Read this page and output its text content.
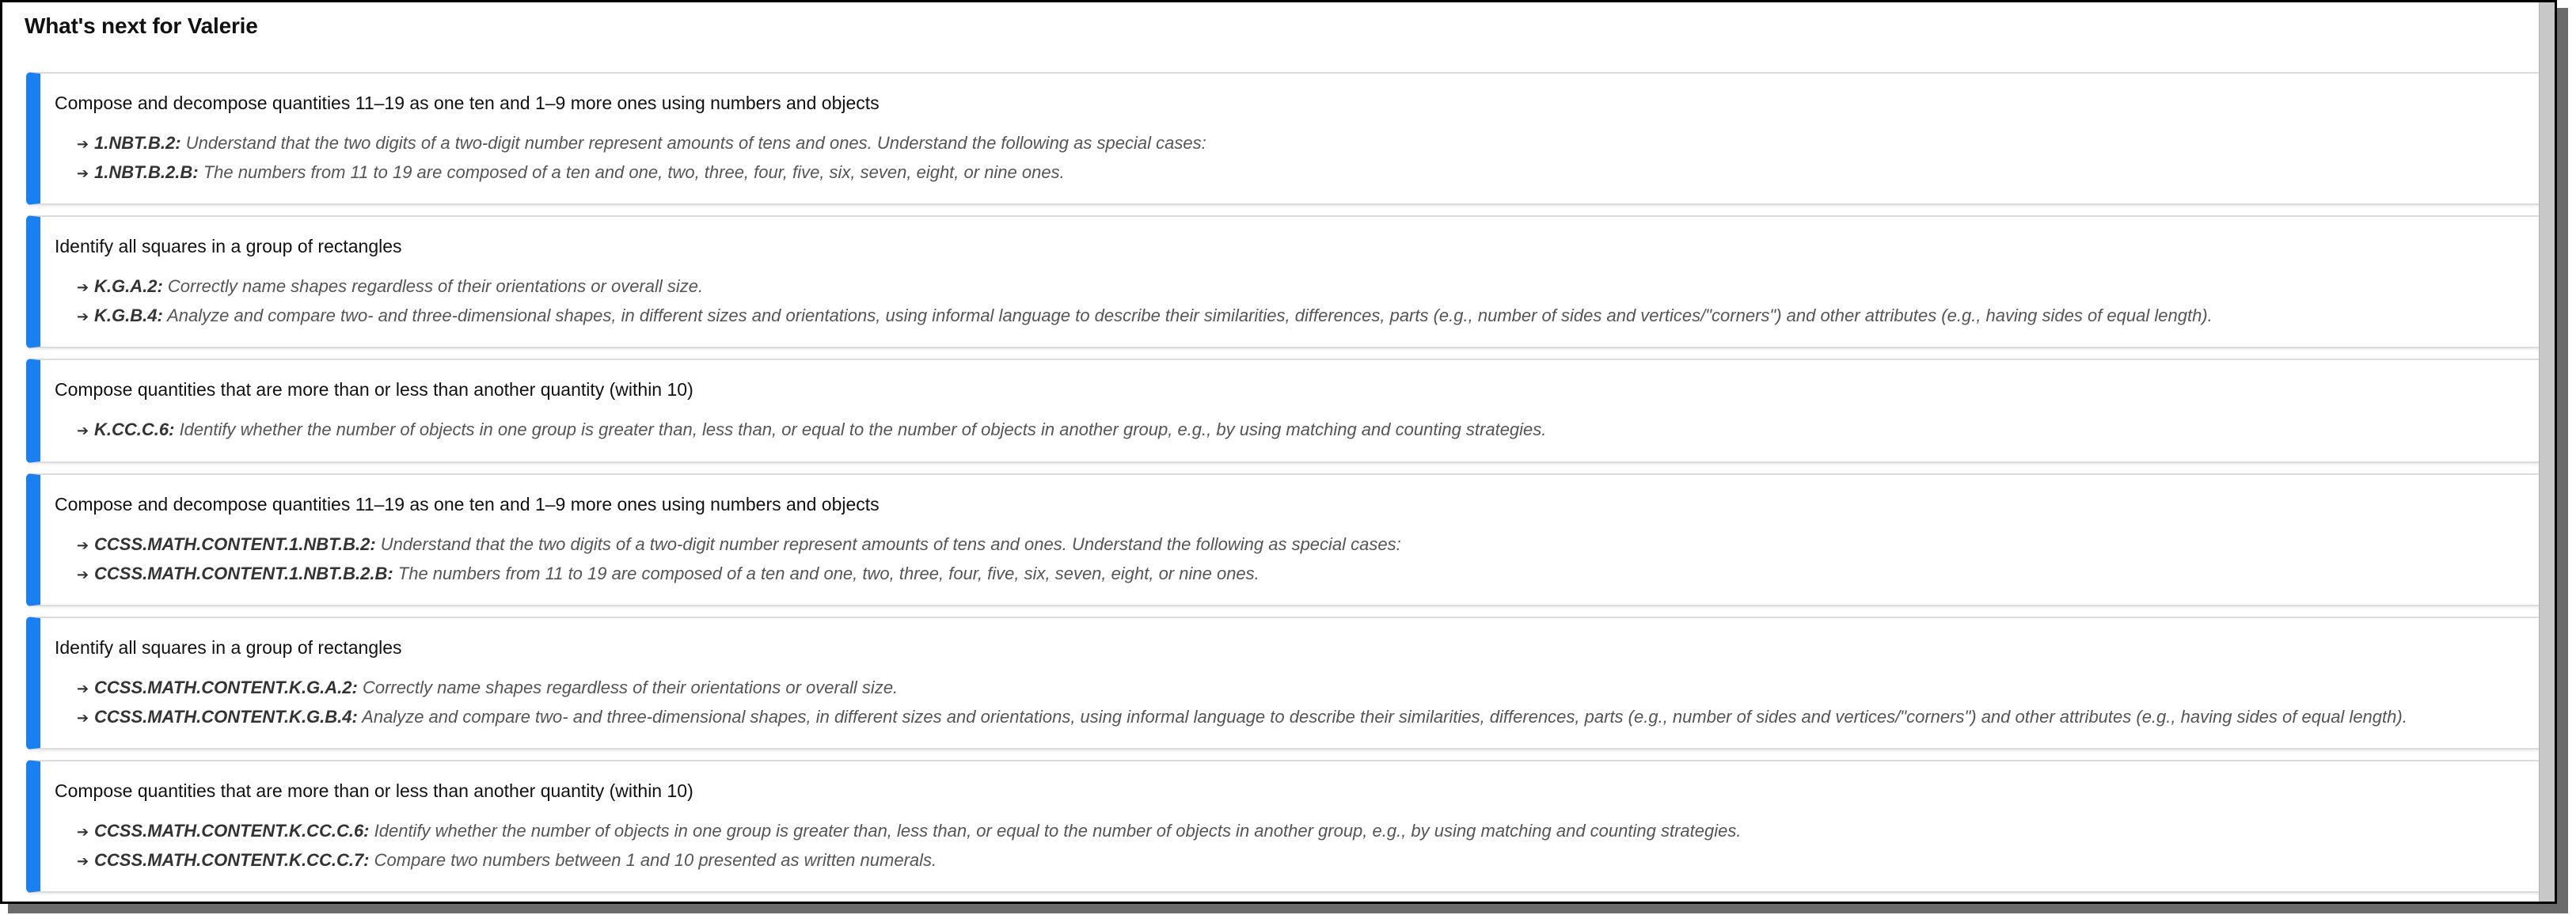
What's next for Valerie
Compose and decompose quantities 11–19 as one ten and 1–9 more ones using numbers and objects
➔ 1.NBT.B.2: Understand that the two digits of a two-digit number represent amounts of tens and ones. Understand the following as special cases:
➔ 1.NBT.B.2.B: The numbers from 11 to 19 are composed of a ten and one, two, three, four, five, six, seven, eight, or nine ones.
Identify all squares in a group of rectangles
➔ K.G.A.2: Correctly name shapes regardless of their orientations or overall size.
➔ K.G.B.4: Analyze and compare two- and three-dimensional shapes, in different sizes and orientations, using informal language to describe their similarities, differences, parts (e.g., number of sides and vertices/"corners") and other attributes (e.g., having sides of equal length).
Compose quantities that are more than or less than another quantity (within 10)
➔ K.CC.C.6: Identify whether the number of objects in one group is greater than, less than, or equal to the number of objects in another group, e.g., by using matching and counting strategies.
Compose and decompose quantities 11–19 as one ten and 1–9 more ones using numbers and objects
➔ CCSS.MATH.CONTENT.1.NBT.B.2: Understand that the two digits of a two-digit number represent amounts of tens and ones. Understand the following as special cases:
➔ CCSS.MATH.CONTENT.1.NBT.B.2.B: The numbers from 11 to 19 are composed of a ten and one, two, three, four, five, six, seven, eight, or nine ones.
Identify all squares in a group of rectangles
➔ CCSS.MATH.CONTENT.K.G.A.2: Correctly name shapes regardless of their orientations or overall size.
➔ CCSS.MATH.CONTENT.K.G.B.4: Analyze and compare two- and three-dimensional shapes, in different sizes and orientations, using informal language to describe their similarities, differences, parts (e.g., number of sides and vertices/"corners") and other attributes (e.g., having sides of equal length).
Compose quantities that are more than or less than another quantity (within 10)
➔ CCSS.MATH.CONTENT.K.CC.C.6: Identify whether the number of objects in one group is greater than, less than, or equal to the number of objects in another group, e.g., by using matching and counting strategies.
➔ CCSS.MATH.CONTENT.K.CC.C.7: Compare two numbers between 1 and 10 presented as written numerals.
